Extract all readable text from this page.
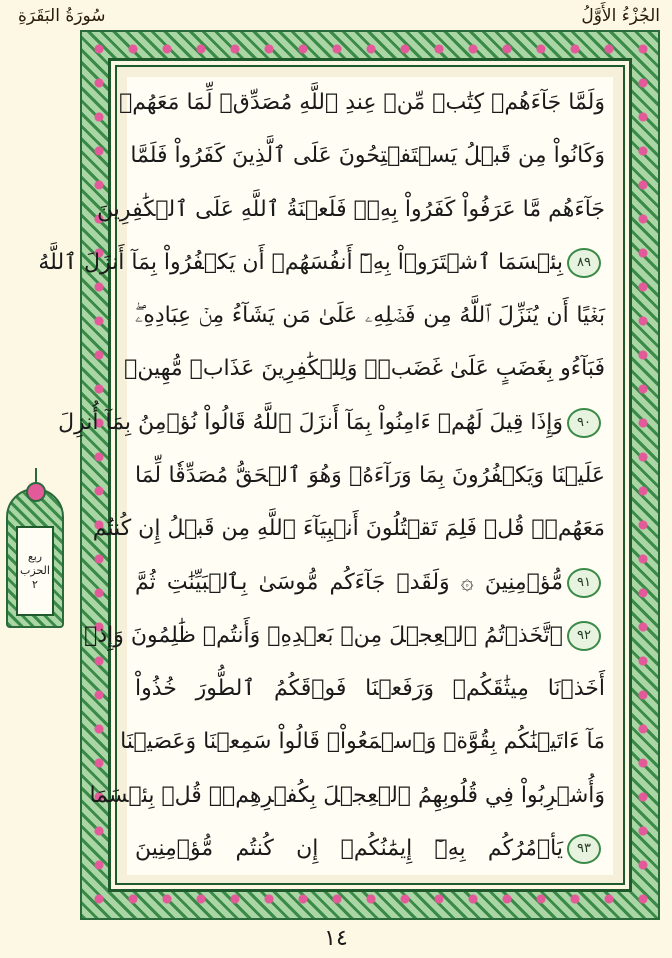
الجُزْءُ الأَوَّلُ
سُورَةُ البَقَرَةِ
وَلَمَّا جَآءَهُمۡ كِتَٰبٞ مِّنۡ عِندِ ٱللَّهِ مُصَدِّقٞ لِّمَا مَعَهُمۡ
وَكَانُواْ مِن قَبۡلُ يَسۡتَفۡتِحُونَ عَلَى ٱلَّذِينَ كَفَرُواْ فَلَمَّا
جَآءَهُم مَّا عَرَفُواْ كَفَرُواْ بِهِۦۚ فَلَعۡنَةُ ٱللَّهِ عَلَى ٱلۡكَٰفِرِينَ
٨٩
بِئۡسَمَا ٱشۡتَرَوۡاْ بِهِۦٓ أَنفُسَهُمۡ أَن يَكۡفُرُواْ بِمَآ أَنزَلَ ٱللَّهُ
بَغۡيًا أَن يُنَزِّلَ ٱللَّهُ مِن فَضۡلِهِۦ عَلَىٰ مَن يَشَآءُ مِنۡ عِبَادِهِۦۖ
فَبَآءُو بِغَضَبٍ عَلَىٰ غَضَبٖۚ وَلِلۡكَٰفِرِينَ عَذَابٞ مُّهِينٞ
٩٠
وَإِذَا قِيلَ لَهُمۡ ءَامِنُواْ بِمَآ أَنزَلَ ٱللَّهُ قَالُواْ نُؤۡمِنُ بِمَآ أُنزِلَ
عَلَيۡنَا وَيَكۡفُرُونَ بِمَا وَرَآءَهُۥ وَهُوَ ٱلۡحَقُّ مُصَدِّقٗا لِّمَا
مَعَهُمۡۗ قُلۡ فَلِمَ تَقۡتُلُونَ أَنۢبِيَآءَ ٱللَّهِ مِن قَبۡلُ إِن كُنتُم
٩١
مُّؤۡمِنِينَ ۞ وَلَقَدۡ جَآءَكُم مُّوسَىٰ بِٱلۡبَيِّنَٰتِ ثُمَّ
٩٢
ٱتَّخَذۡتُمُ ٱلۡعِجۡلَ مِنۢ بَعۡدِهِۦ وَأَنتُمۡ ظَٰلِمُونَ وَإِذۡ
أَخَذۡنَا مِيثَٰقَكُمۡ وَرَفَعۡنَا فَوۡقَكُمُ ٱلطُّورَ خُذُواْ
مَآ ءَاتَيۡنَٰكُم بِقُوَّةٖ وَٱسۡمَعُواْۖ قَالُواْ سَمِعۡنَا وَعَصَيۡنَا
وَأُشۡرِبُواْ فِي قُلُوبِهِمُ ٱلۡعِجۡلَ بِكُفۡرِهِمۡۚ قُلۡ بِئۡسَمَا
٩٣
يَأۡمُرُكُم بِهِۦٓ إِيمَٰنُكُمۡ إِن كُنتُم مُّؤۡمِنِينَ
ربع
الحزب
٢
١٤
